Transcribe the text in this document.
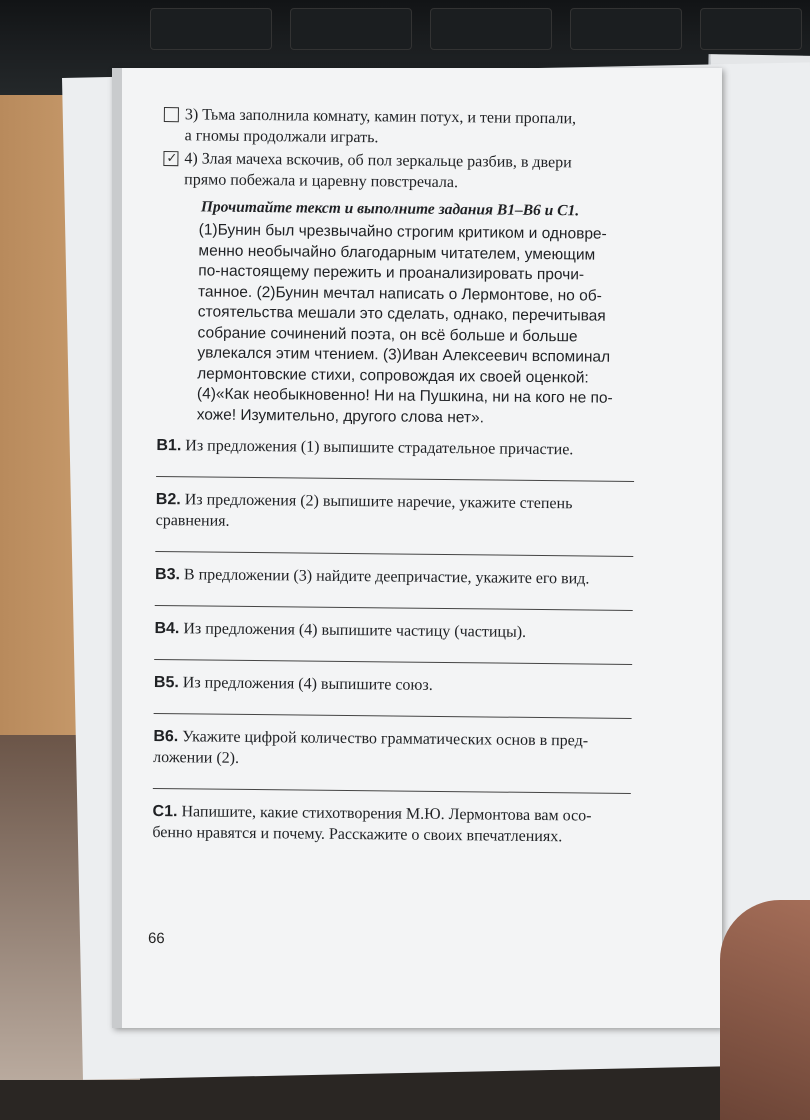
3) Тьма заполнила комнату, камин потух, и тени пропали,
а гномы продолжали играть.
✓ 4) Злая мачеха вскочив, об пол зеркальце разбив, в двери
прямо побежала и царевну повстречала.
Прочитайте текст и выполните задания В1–В6 и С1.
(1)Бунин был чрезвычайно строгим критиком и одновре-
менно необычайно благодарным читателем, умеющим
по-настоящему пережить и проанализировать прочи-
танное. (2)Бунин мечтал написать о Лермонтове, но об-
стоятельства мешали это сделать, однако, перечитывая
собрание сочинений поэта, он всё больше и больше
увлекался этим чтением. (3)Иван Алексеевич вспоминал
лермонтовские стихи, сопровождая их своей оценкой:
(4)«Как необыкновенно! Ни на Пушкина, ни на кого не по-
хоже! Изумительно, другого слова нет».
В1. Из предложения (1) выпишите страдательное причастие.
В2. Из предложения (2) выпишите наречие, укажите степень
сравнения.
В3. В предложении (3) найдите деепричастие, укажите его вид.
В4. Из предложения (4) выпишите частицу (частицы).
В5. Из предложения (4) выпишите союз.
В6. Укажите цифрой количество грамматических основ в пред-
ложении (2).
С1. Напишите, какие стихотворения М.Ю. Лермонтова вам осо-
бенно нравятся и почему. Расскажите о своих впечатлениях.
66
